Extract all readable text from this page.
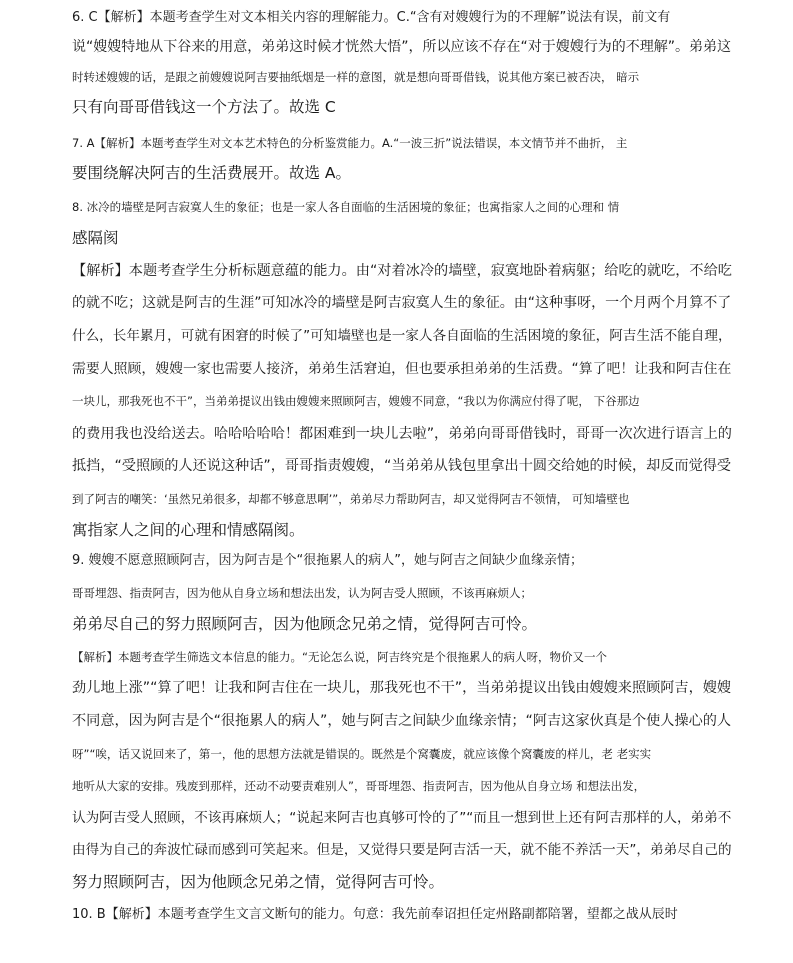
6. C【解析】本题考查学生对文本相关内容的理解能力。C.“含有对嫂嫂行为的不理解”说法有误，前文有
说“嫂嫂特地从下谷来的用意，弟弟这时候才恍然大悟”，所以应该不存在“对于嫂嫂行为的不理解”。弟弟这
时转述嫂嫂的话，是跟之前嫂嫂说阿吉要抽纸烟是一样的意图，就是想向哥哥借钱，说其他方案已被否决， 暗示
只有向哥哥借钱这一个方法了。故选 C
7. A【解析】本题考查学生对文本艺术特色的分析鉴赏能力。A.“一波三折”说法错误，本文情节并不曲折， 主
要围绕解决阿吉的生活费展开。故选 A。
8. 冰冷的墙壁是阿吉寂寞人生的象征；也是一家人各自面临的生活困境的象征；也寓指家人之间的心理和 情
感隔阂
【解析】本题考查学生分析标题意蕴的能力。由“对着冰冷的墙壁，寂寞地卧着病躯；给吃的就吃，不给吃
的就不吃；这就是阿吉的生涯”可知冰冷的墙壁是阿吉寂寞人生的象征。由“这种事呀，一个月两个月算不了
什么，长年累月，可就有困窘的时候了”可知墙壁也是一家人各自面临的生活困境的象征，阿吉生活不能自理，
需要人照顾，嫂嫂一家也需要人接济，弟弟生活窘迫，但也要承担弟弟的生活费。“算了吧！让我和阿吉住在
一块儿，那我死也不干”，当弟弟提议出钱由嫂嫂来照顾阿吉，嫂嫂不同意，“我以为你满应付得了呢， 下谷那边
的费用我也没给送去。哈哈哈哈哈！都困难到一块儿去啦”，弟弟向哥哥借钱时，哥哥一次次进行语言上的
抵挡，“受照顾的人还说这种话”，哥哥指责嫂嫂，“当弟弟从钱包里拿出十圆交给她的时候，却反而觉得受
到了阿吉的嘲笑：‘虽然兄弟很多，却都不够意思啊’”，弟弟尽力帮助阿吉，却又觉得阿吉不领情， 可知墙壁也
寓指家人之间的心理和情感隔阂。
9. 嫂嫂不愿意照顾阿吉，因为阿吉是个“很拖累人的病人”，她与阿吉之间缺少血缘亲情；
哥哥埋怨、指责阿吉，因为他从自身立场和想法出发，认为阿吉受人照顾，不该再麻烦人；
弟弟尽自己的努力照顾阿吉，因为他顾念兄弟之情，觉得阿吉可怜。
【解析】本题考查学生筛选文本信息的能力。“无论怎么说，阿吉终究是个很拖累人的病人呀，物价又一个
劲儿地上涨”“算了吧！让我和阿吉住在一块儿，那我死也不干”，当弟弟提议出钱由嫂嫂来照顾阿吉，嫂嫂
不同意，因为阿吉是个“很拖累人的病人”，她与阿吉之间缺少血缘亲情；“阿吉这家伙真是个使人操心的人
呀”“唉，话又说回来了，第一，他的思想方法就是错误的。既然是个窝囊废，就应该像个窝囊废的样儿，老 老实实
地听从大家的安排。残废到那样，还动不动要责难别人”，哥哥埋怨、指责阿吉，因为他从自身立场 和想法出发，
认为阿吉受人照顾，不该再麻烦人；“说起来阿吉也真够可怜的了”“而且一想到世上还有阿吉那样的人，弟弟不
由得为自己的奔波忙碌而感到可笑起来。但是，又觉得只要是阿吉活一天，就不能不养活一天”，弟弟尽自己的
努力照顾阿吉，因为他顾念兄弟之情，觉得阿吉可怜。
10. B【解析】本题考查学生文言文断句的能力。句意：我先前奉诏担任定州路副都陪署，望都之战从辰时
